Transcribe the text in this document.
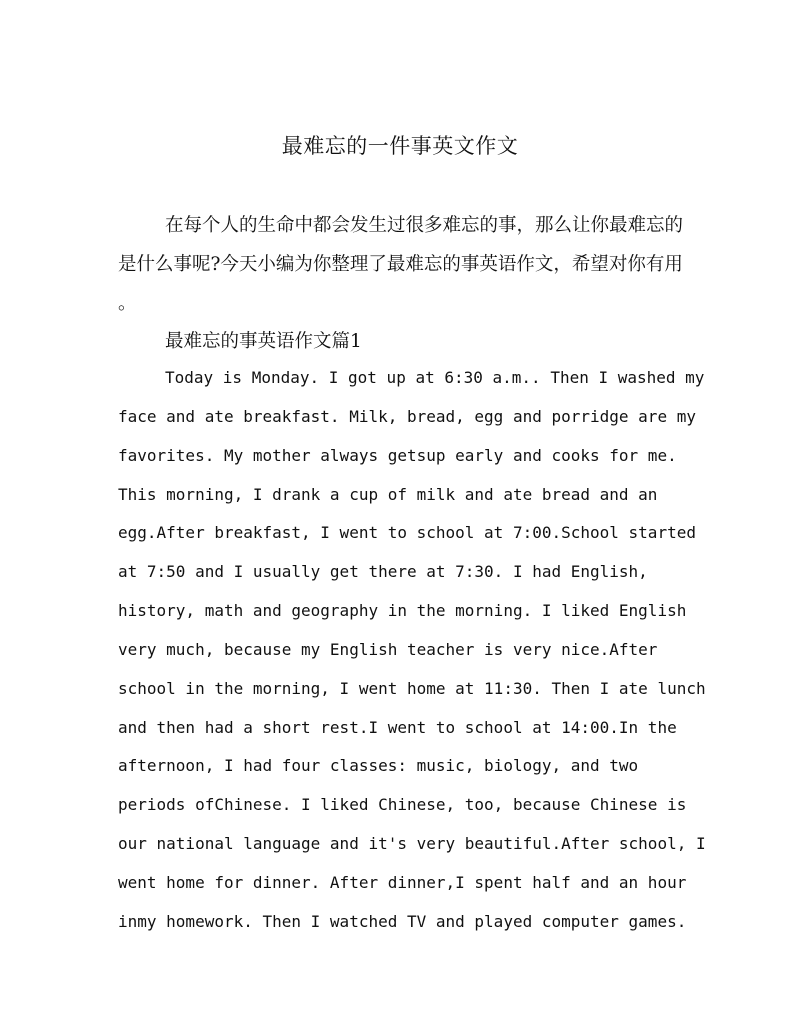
最难忘的一件事英文作文
在每个人的生命中都会发生过很多难忘的事，那么让你最难忘的
是什么事呢?今天小编为你整理了最难忘的事英语作文，希望对你有用
。
最难忘的事英语作文篇1
Today is Monday. I got up at 6:30 a.m.. Then I washed my
face and ate breakfast. Milk, bread, egg and porridge are my
favorites. My mother always getsup early and cooks for me.
This morning, I drank a cup of milk and ate bread and an
egg.After breakfast, I went to school at 7:00.School started
at 7:50 and I usually get there at 7:30. I had English,
history, math and geography in the morning. I liked English
very much, because my English teacher is very nice.After
school in the morning, I went home at 11:30. Then I ate lunch
and then had a short rest.I went to school at 14:00.In the
afternoon, I had four classes: music, biology, and two
periods ofChinese. I liked Chinese, too, because Chinese is
our national language and it's very beautiful.After school, I
went home for dinner. After dinner,I spent half and an hour
inmy homework. Then I watched TV and played computer games.
